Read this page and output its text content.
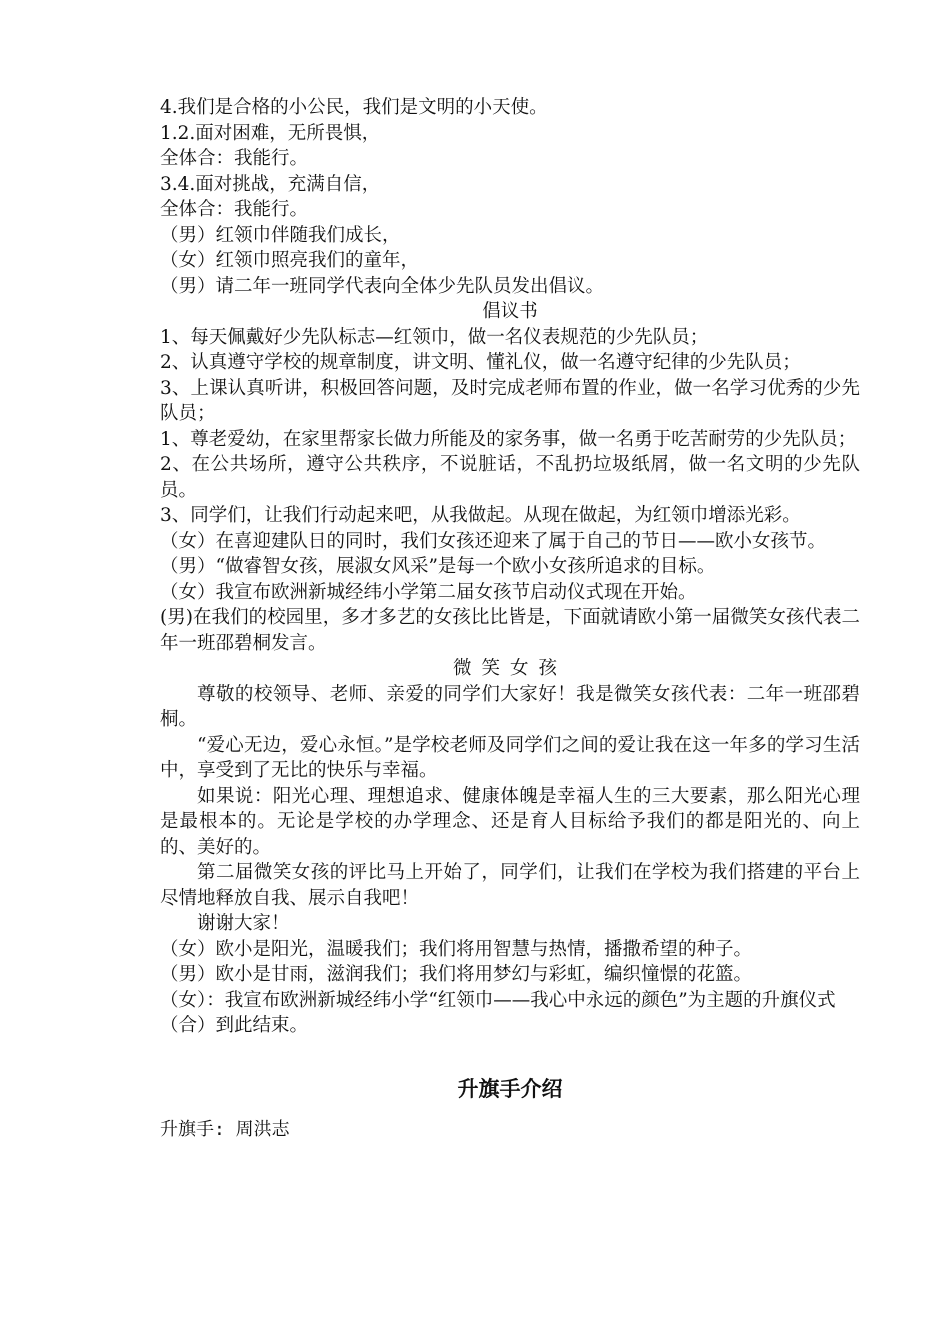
4.我们是合格的小公民，我们是文明的小天使。
1.2.面对困难，无所畏惧，
全体合：我能行。
3.4.面对挑战，充满自信，
全体合：我能行。
（男）红领巾伴随我们成长，
（女）红领巾照亮我们的童年，
（男）请二年一班同学代表向全体少先队员发出倡议。
倡议书
1、每天佩戴好少先队标志—红领巾，做一名仪表规范的少先队员；
2、认真遵守学校的规章制度，讲文明、懂礼仪，做一名遵守纪律的少先队员；
3、上课认真听讲，积极回答问题，及时完成老师布置的作业，做一名学习优秀的少先队员；
1、尊老爱幼，在家里帮家长做力所能及的家务事，做一名勇于吃苦耐劳的少先队员；
2、在公共场所，遵守公共秩序，不说脏话，不乱扔垃圾纸屑，做一名文明的少先队员。
3、同学们，让我们行动起来吧，从我做起。从现在做起，为红领巾增添光彩。
（女）在喜迎建队日的同时，我们女孩还迎来了属于自己的节日——欧小女孩节。
（男）“做睿智女孩，展淑女风采”是每一个欧小女孩所追求的目标。
（女）我宣布欧洲新城经纬小学第二届女孩节启动仪式现在开始。
(男)在我们的校园里，多才多艺的女孩比比皆是，下面就请欧小第一届微笑女孩代表二年一班邵碧桐发言。
微笑女孩
尊敬的校领导、老师、亲爱的同学们大家好！我是微笑女孩代表：二年一班邵碧桐。
“爱心无边，爱心永恒。”是学校老师及同学们之间的爱让我在这一年多的学习生活中，享受到了无比的快乐与幸福。
如果说：阳光心理、理想追求、健康体魄是幸福人生的三大要素，那么阳光心理是最根本的。无论是学校的办学理念、还是育人目标给予我们的都是阳光的、向上的、美好的。
第二届微笑女孩的评比马上开始了，同学们，让我们在学校为我们搭建的平台上尽情地释放自我、展示自我吧！
谢谢大家！
（女）欧小是阳光，温暖我们；我们将用智慧与热情，播撒希望的种子。
（男）欧小是甘雨，滋润我们；我们将用梦幻与彩虹，编织憧憬的花篮。
（女）：我宣布欧洲新城经纬小学“红领巾——我心中永远的颜色”为主题的升旗仪式
（合）到此结束。
升旗手介绍
升旗手: 周洪志
